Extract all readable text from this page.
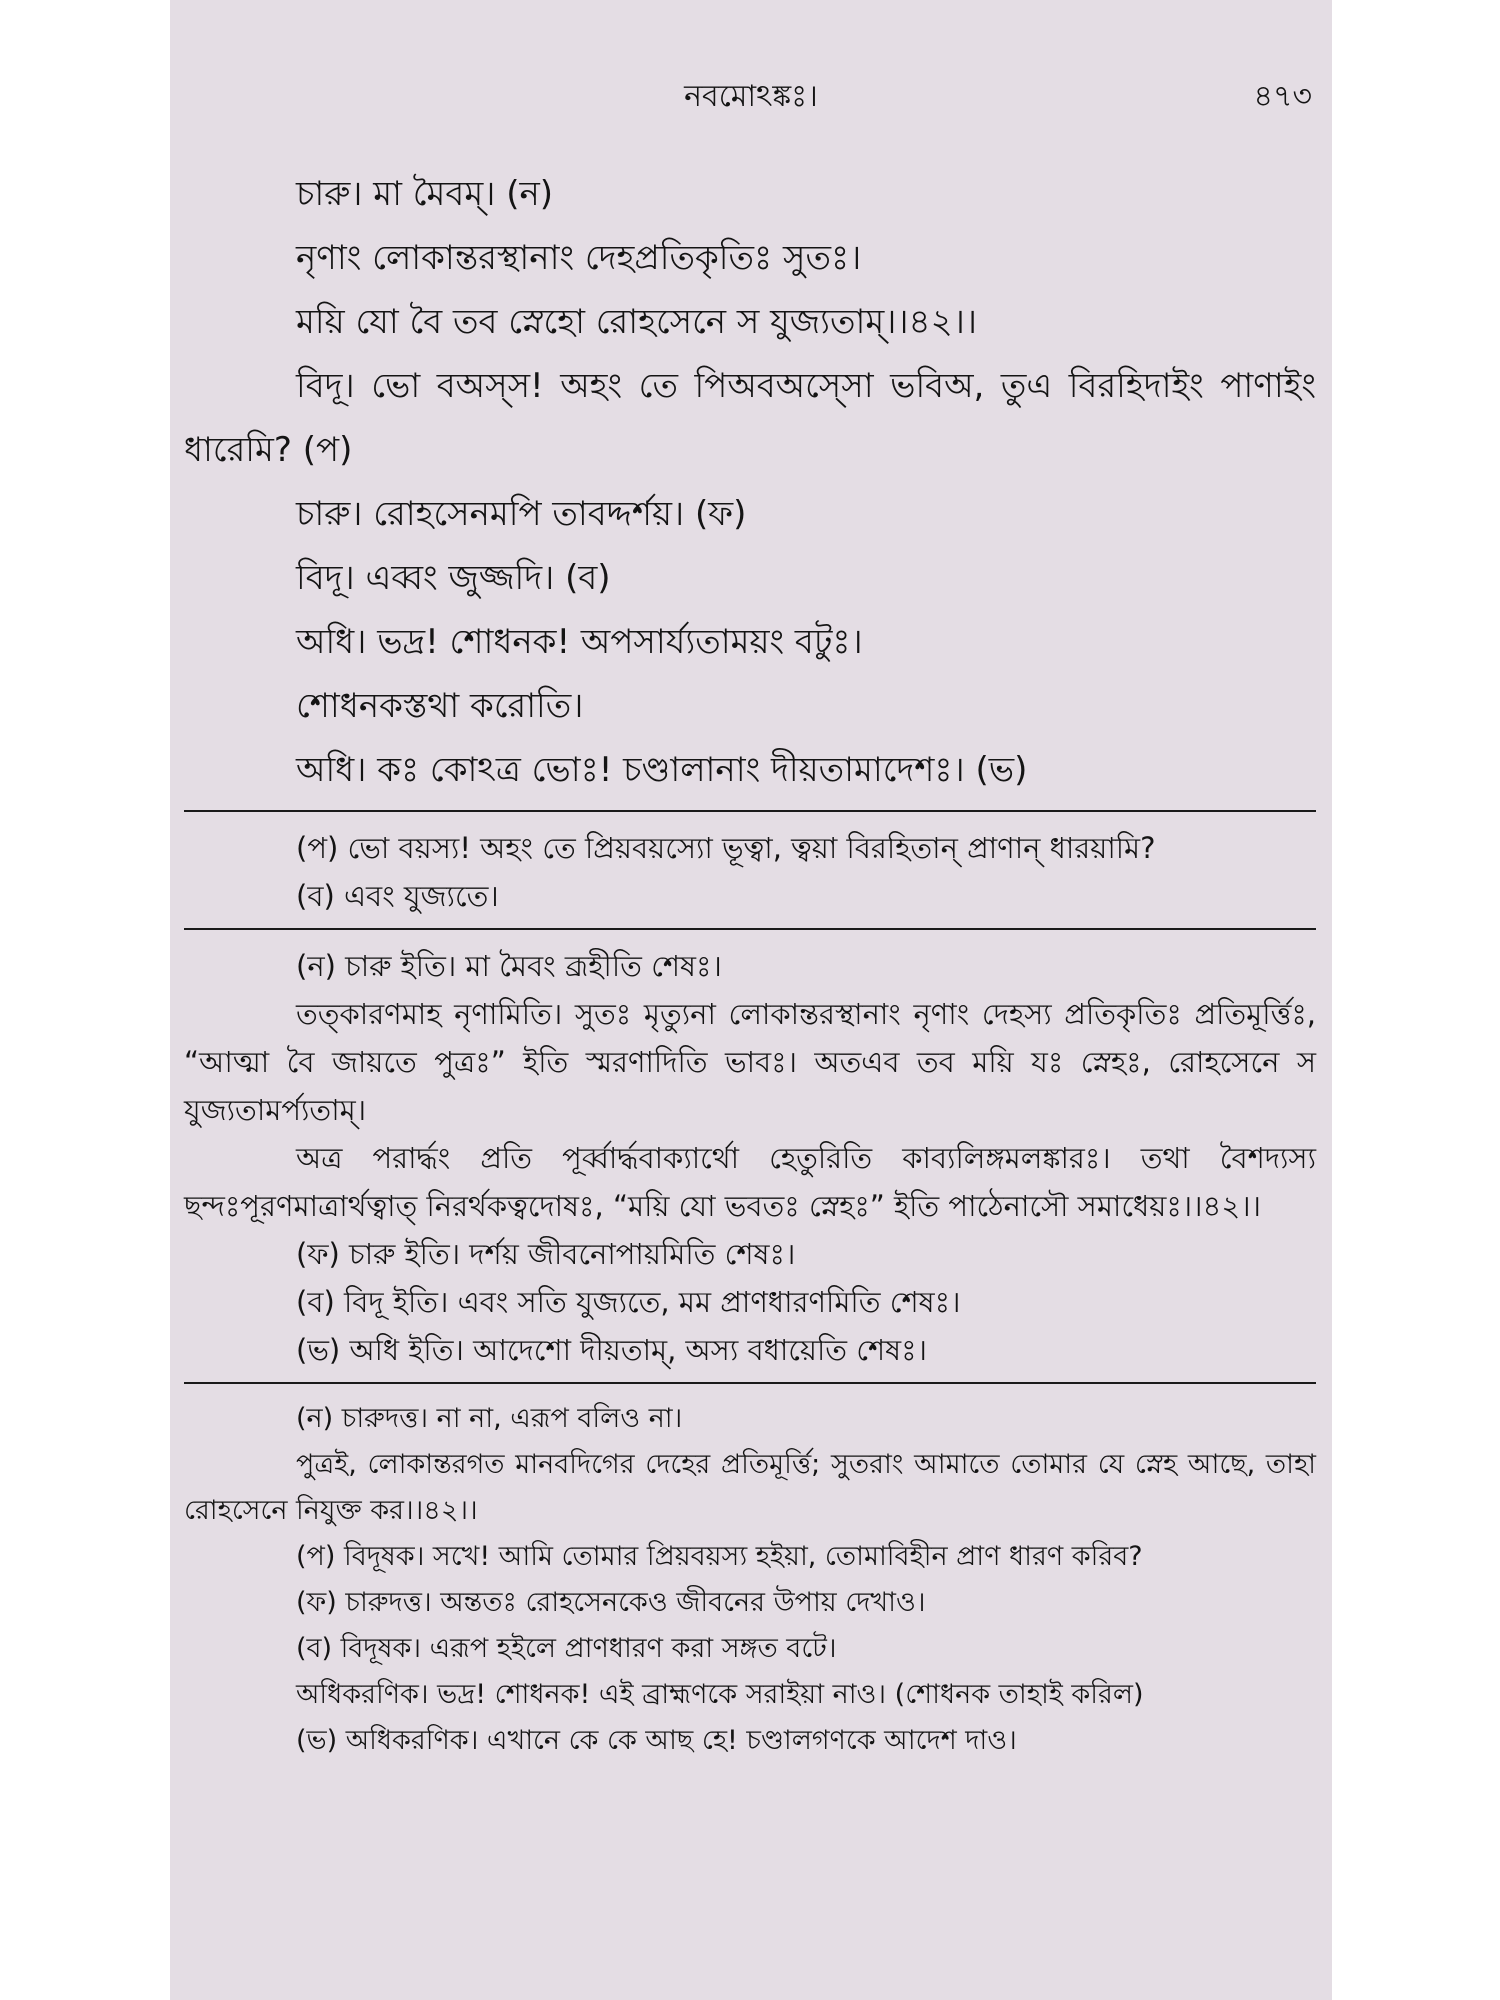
নবমোঽঙ্কঃ।	৪৭৩

চারু। মা মৈবম্। (ন)

নৃণাং লোকান্তরস্থানাং দেহপ্রতিকৃতিঃ সুতঃ।

ময়ি যো বৈ তব স্নেহো রোহসেনে স যুজ্যতাম্।।৪২।।

বিদূ। ভো বঅস্স! অহং তে পিঅবঅস্সো ভবিঅ, তুএ বিরহিদাইং পাণাইং ধারেমি? (প)

চারু। রোহসেনমপি তাবদ্দর্শয়। (ফ)

বিদূ। এব্বং জুজ্জদি। (ব)

অধি। ভদ্র! শোধনক! অপসার্য্যতাময়ং বটুঃ।

শোধনকস্তথা করোতি।

অধি। কঃ কোঽত্র ভোঃ! চণ্ডালানাং দীয়তামাদেশঃ। (ভ)

(প) ভো বয়স্য! অহং তে প্রিয়বয়স্যো ভূত্বা, ত্বয়া বিরহিতান্ প্রাণান্ ধারয়ামি?

(ব) এবং যুজ্যতে।

(ন) চারু ইতি। মা মৈবং ব্রূহীতি শেষঃ।

তত্কারণমাহ নৃণামিতি। সুতঃ মৃত্যুনা লোকান্তরস্থানাং নৃণাং দেহস্য প্রতিকৃতিঃ প্রতিমূর্ত্তিঃ, “আত্মা বৈ জায়তে পুত্রঃ” ইতি স্মরণাদিতি ভাবঃ। অতএব তব ময়ি যঃ স্নেহঃ, রোহসেনে স যুজ্যতামর্প্যতাম্।

অত্র পরার্দ্ধং প্রতি পূর্ব্বার্দ্ধবাক্যার্থো হেতুরিতি কাব্যলিঙ্গমলঙ্কারঃ। তথা বৈশদ্যস্য ছন্দঃপূরণমাত্রার্থত্বাত্ নিরর্থকত্বদোষঃ, “ময়ি যো ভবতঃ স্নেহঃ” ইতি পাঠেনাসৌ সমাধেয়ঃ।।৪২।।

(ফ) চারু ইতি। দর্শয় জীবনোপায়মিতি শেষঃ।

(ব) বিদূ ইতি। এবং সতি যুজ্যতে, মম প্রাণধারণমিতি শেষঃ।

(ভ) অধি ইতি। আদেশো দীয়তাম্, অস্য বধায়েতি শেষঃ।

(ন) চারুদত্ত। না না, এরূপ বলিও না।

পুত্রই, লোকান্তরগত মানবদিগের দেহের প্রতিমূর্ত্তি; সুতরাং আমাতে তোমার যে স্নেহ আছে, তাহা রোহসেনে নিযুক্ত কর।।৪২।।

(প) বিদূষক। সখে! আমি তোমার প্রিয়বয়স্য হইয়া, তোমাবিহীন প্রাণ ধারণ করিব?

(ফ) চারুদত্ত। অন্ততঃ রোহসেনকেও জীবনের উপায় দেখাও।

(ব) বিদূষক। এরূপ হইলে প্রাণধারণ করা সঙ্গত বটে।

অধিকরণিক। ভদ্র! শোধনক! এই ব্রাহ্মণকে সরাইয়া নাও। (শোধনক তাহাই করিল)

(ভ) অধিকরণিক। এখানে কে কে আছ হে! চণ্ডালগণকে আদেশ দাও।
